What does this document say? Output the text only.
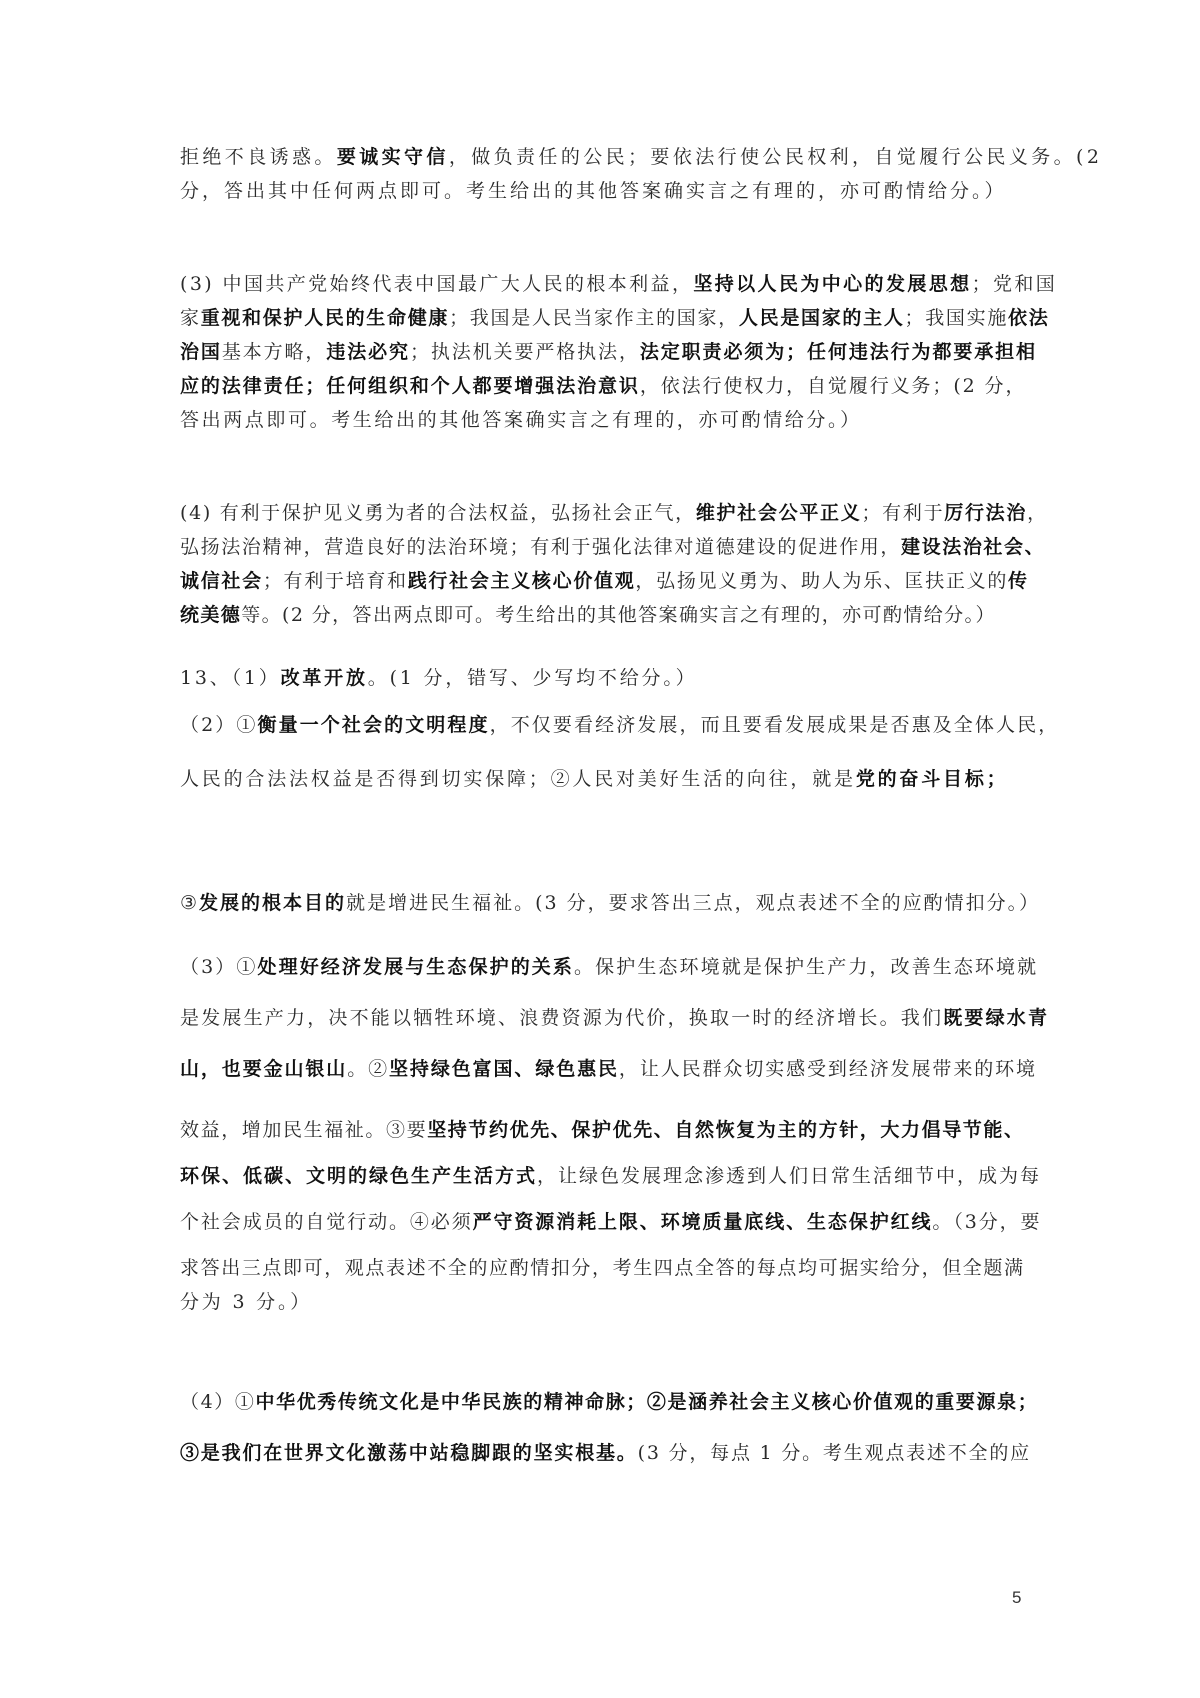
拒绝不良诱惑。要诚实守信，做负责任的公民；要依法行使公民权利，自觉履行公民义务。(2
分，答出其中任何两点即可。考生给出的其他答案确实言之有理的，亦可酌情给分。）
(3) 中国共产党始终代表中国最广大人民的根本利益，坚持以人民为中心的发展思想；党和国
家重视和保护人民的生命健康；我国是人民当家作主的国家，人民是国家的主人；我国实施依法
治国基本方略，违法必究；执法机关要严格执法，法定职责必须为；任何违法行为都要承担相
应的法律责任；任何组织和个人都要增强法治意识，依法行使权力，自觉履行义务；(2 分，
答出两点即可。考生给出的其他答案确实言之有理的，亦可酌情给分。）
(4) 有利于保护见义勇为者的合法权益，弘扬社会正气，维护社会公平正义；有利于厉行法治，
弘扬法治精神，营造良好的法治环境；有利于强化法律对道德建设的促进作用，建设法治社会、
诚信社会；有利于培育和践行社会主义核心价值观，弘扬见义勇为、助人为乐、匡扶正义的传
统美德等。(2 分，答出两点即可。考生给出的其他答案确实言之有理的，亦可酌情给分。）
13、（1）改革开放。(1 分，错写、少写均不给分。）
（2）①衡量一个社会的文明程度，不仅要看经济发展，而且要看发展成果是否惠及全体人民，
人民的合法法权益是否得到切实保障；②人民对美好生活的向往，就是党的奋斗目标；
③发展的根本目的就是增进民生福祉。(3 分，要求答出三点，观点表述不全的应酌情扣分。）
（3）①处理好经济发展与生态保护的关系。保护生态环境就是保护生产力，改善生态环境就
是发展生产力，决不能以牺牲环境、浪费资源为代价，换取一时的经济增长。我们既要绿水青
山，也要金山银山。②坚持绿色富国、绿色惠民，让人民群众切实感受到经济发展带来的环境
效益，增加民生福祉。③要坚持节约优先、保护优先、自然恢复为主的方针，大力倡导节能、
环保、低碳、文明的绿色生产生活方式，让绿色发展理念渗透到人们日常生活细节中，成为每
个社会成员的自觉行动。④必须严守资源消耗上限、环境质量底线、生态保护红线。（3分，要
求答出三点即可，观点表述不全的应酌情扣分，考生四点全答的每点均可据实给分，但全题满
分为 3 分。）
（4）①中华优秀传统文化是中华民族的精神命脉；②是涵养社会主义核心价值观的重要源泉；
③是我们在世界文化激荡中站稳脚跟的坚实根基。(3 分，每点 1 分。考生观点表述不全的应
5
